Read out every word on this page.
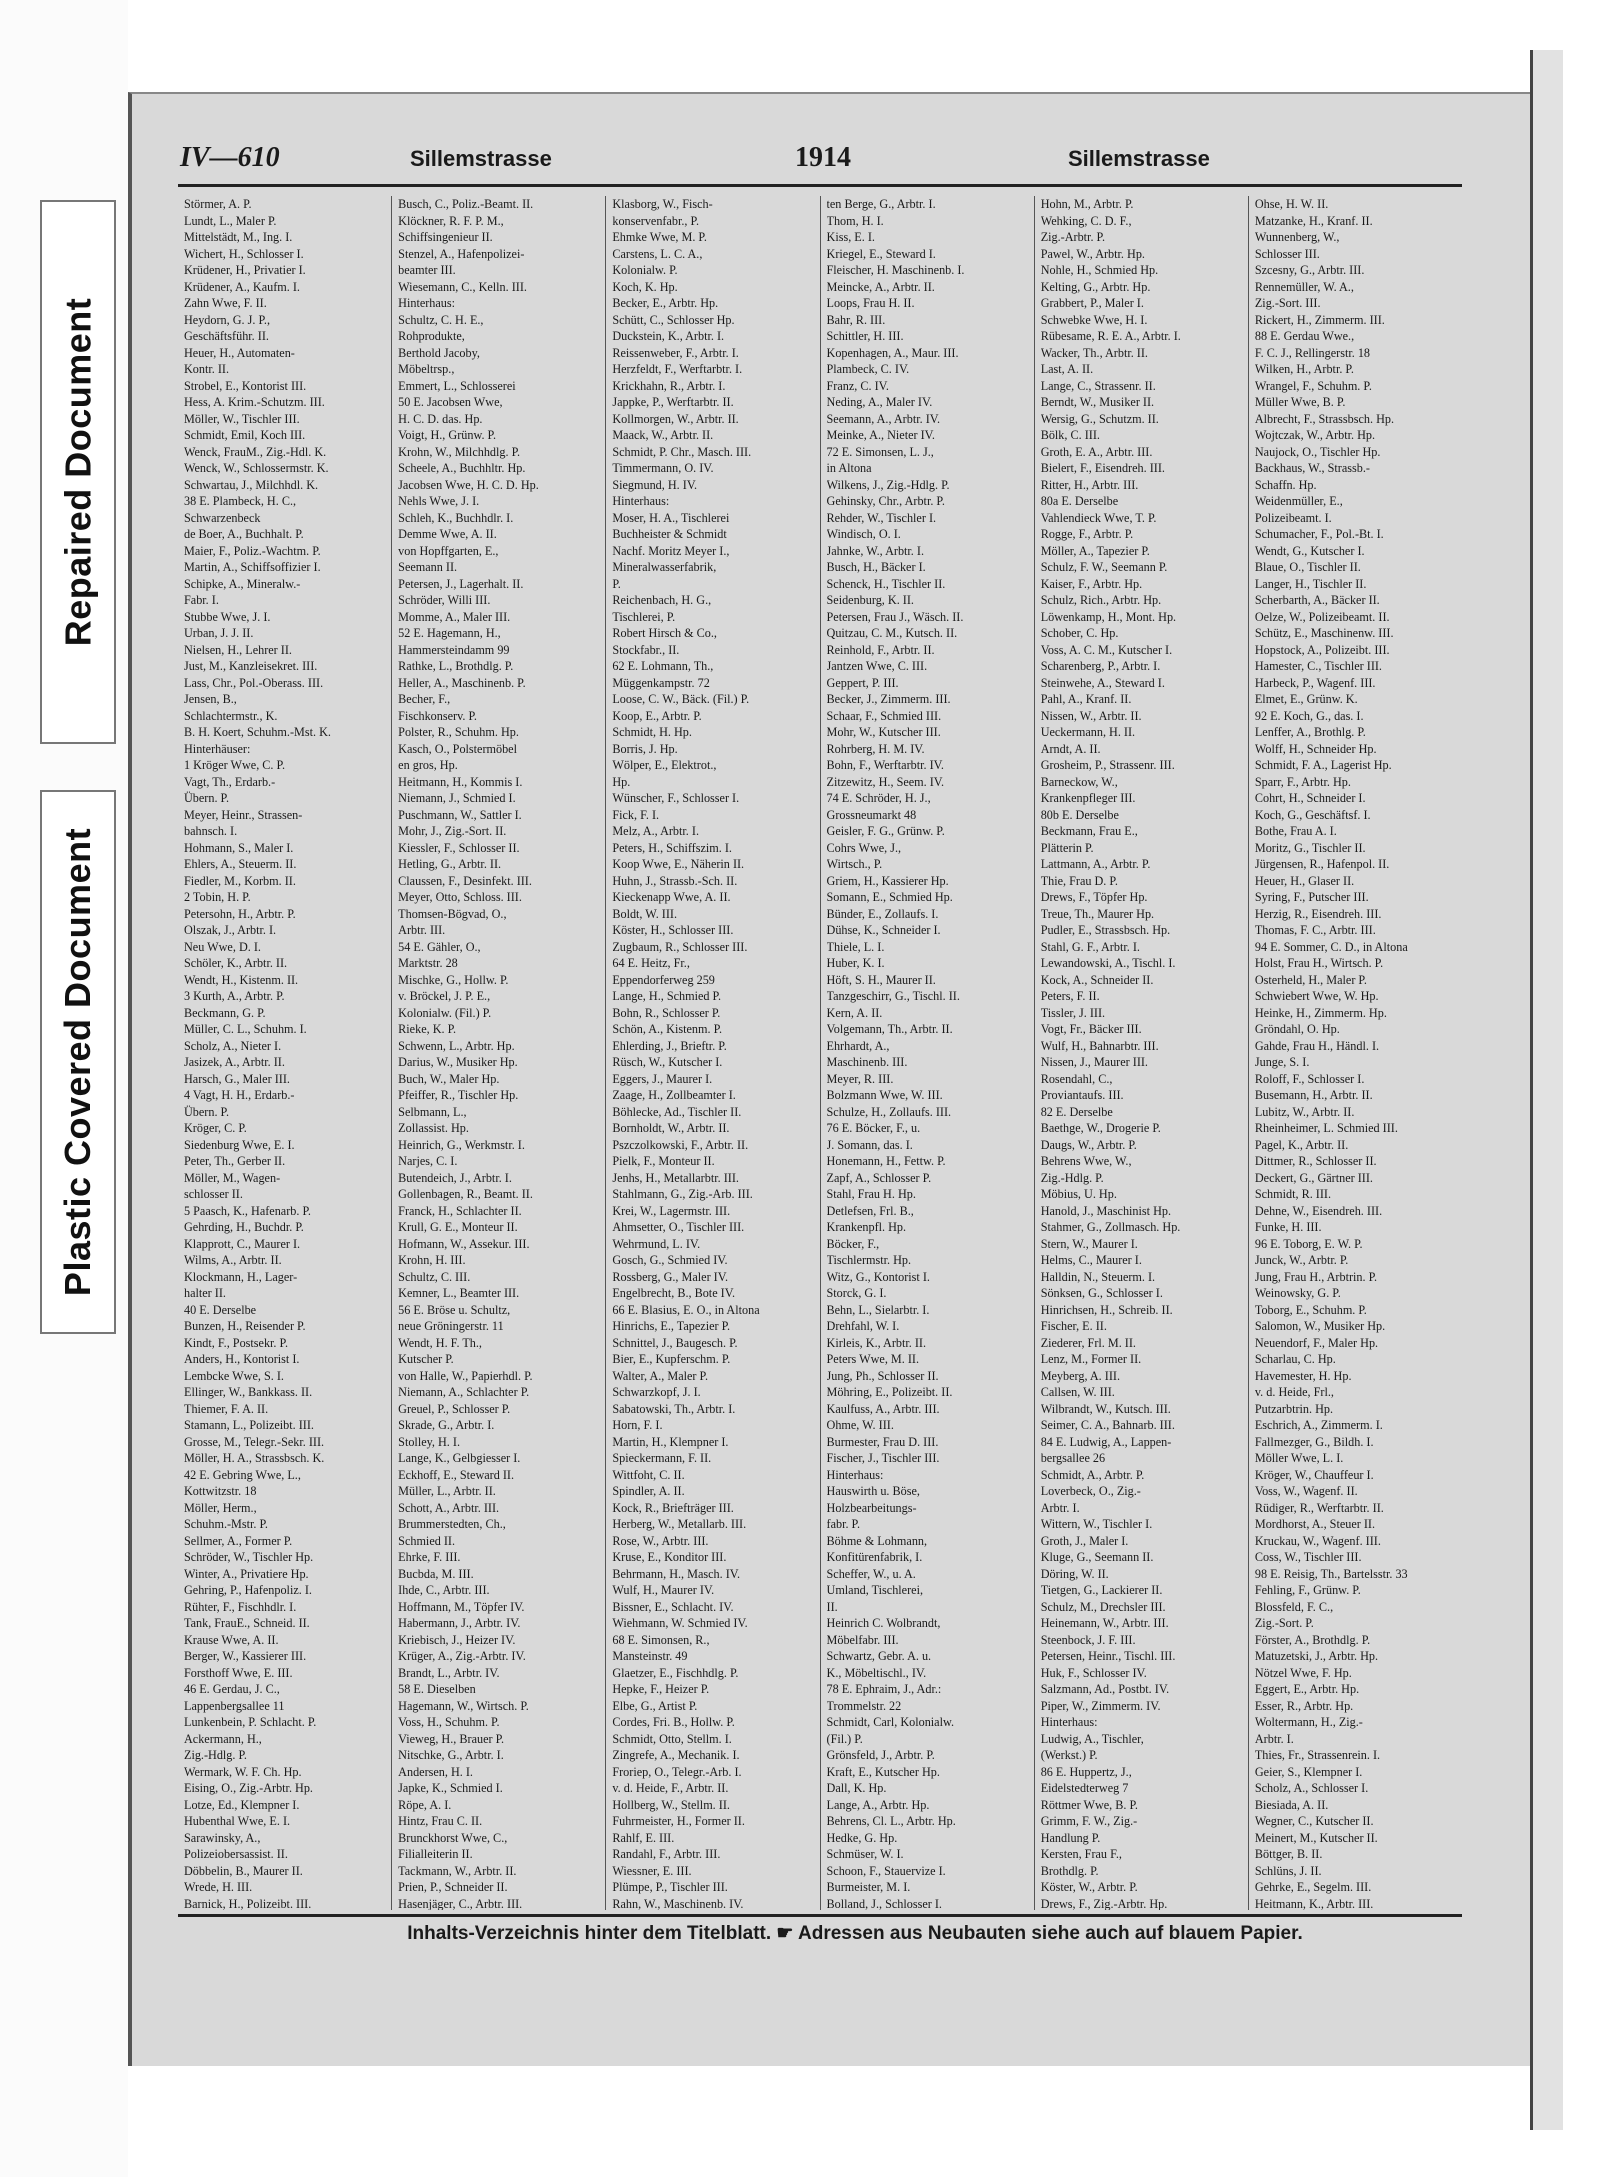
Repaired Document
Plastic Covered Document
IV—610	Sillemstrasse	1914	Sillemstrasse
Störmer, A. P.
Lundt, L., Maler P.
Mittelstädt, M., Ing. I.
Wichert, H., Schlosser I.
Krüdener, H., Privatier I.
Krüdener, A., Kaufm. I.
Zahn Wwe, F. II.
Heydorn, G. J. P.,
Geschäftsführ. II.
Heuer, H., Automaten-
Kontr. II.
Strobel, E., Kontorist III.
Hess, A. Krim.-Schutzm. III.
Möller, W., Tischler III.
Schmidt, Emil, Koch III.
Wenck, FrauM., Zig.-Hdl. K.
Wenck, W., Schlossermstr. K.
Schwartau, J., Milchhdl. K.
38 E. Plambeck, H. C.,
Schwarzenbeck
de Boer, A., Buchhalt. P.
Maier, F., Poliz.-Wachtm. P.
Martin, A., Schiffsoffizier I.
Schipke, A., Mineralw.-
Fabr. I.
Stubbe Wwe, J. I.
Urban, J. J. II.
Nielsen, H., Lehrer II.
Just, M., Kanzleisekret. III.
Lass, Chr., Pol.-Oberass. III.
Jensen, B.,
Schlachtermstr., K.
B. H. Koert, Schuhm.-Mst. K.
Hinterhäuser:
1 Kröger Wwe, C. P.
Vagt, Th., Erdarb.-
Übern. P.
Meyer, Heinr., Strassen-
bahnsch. I.
Hohmann, S., Maler I.
Ehlers, A., Steuerm. II.
Fiedler, M., Korbm. II.
2 Tobin, H. P.
Petersohn, H., Arbtr. P.
Olszak, J., Arbtr. I.
Neu Wwe, D. I.
Schöler, K., Arbtr. II.
Wendt, H., Kistenm. II.
3 Kurth, A., Arbtr. P.
Beckmann, G. P.
Müller, C. L., Schuhm. I.
Scholz, A., Nieter I.
Jasizek, A., Arbtr. II.
Harsch, G., Maler III.
4 Vagt, H. H., Erdarb.-
Übern. P.
Kröger, C. P.
Siedenburg Wwe, E. I.
Peter, Th., Gerber II.
Möller, M., Wagen-
schlosser II.
5 Paasch, K., Hafenarb. P.
Gehrding, H., Buchdr. P.
Klapprott, C., Maurer I.
Wilms, A., Arbtr. II.
Klockmann, H., Lager-
halter II.
40 E. Derselbe
Bunzen, H., Reisender P.
Kindt, F., Postsekr. P.
Anders, H., Kontorist I.
Lembcke Wwe, S. I.
Ellinger, W., Bankkass. II.
Thiemer, F. A. II.
Stamann, L., Polizeibt. III.
Grosse, M., Telegr.-Sekr. III.
Möller, H. A., Strassbsch. K.
42 E. Gebring Wwe, L.,
Kottwitzstr. 18
Möller, Herm.,
Schuhm.-Mstr. P.
Sellmer, A., Former P.
Schröder, W., Tischler Hp.
Winter, A., Privatiere Hp.
Gehring, P., Hafenpoliz. I.
Rühter, F., Fischhdlr. I.
Tank, FrauE., Schneid. II.
Krause Wwe, A. II.
Berger, W., Kassierer III.
Forsthoff Wwe, E. III.
46 E. Gerdau, J. C.,
Lappenbergsallee 11
Lunkenbein, P. Schlacht. P.
Ackermann, H.,
Zig.-Hdlg. P.
Wermark, W. F. Ch. Hp.
Eising, O., Zig.-Arbtr. Hp.
Lotze, Ed., Klempner I.
Hubenthal Wwe, E. I.
Sarawinsky, A.,
Polizeiobersassist. II.
Döbbelin, B., Maurer II.
Wrede, H. III.
Barnick, H., Polizeibt. III.
Busch, C., Poliz.-Beamt. II.
Klöckner, R. F. P. M.,
Schiffsingenieur II.
Stenzel, A., Hafenpolizei-
beamter III.
Wiesemann, C., Kelln. III.
Hinterhaus:
Schultz, C. H. E.,
Rohprodukte,
Berthold Jacoby,
Möbeltrsp.,
Emmert, L., Schlosserei
50 E. Jacobsen Wwe,
H. C. D. das. Hp.
Voigt, H., Grünw. P.
Krohn, W., Milchhdlg. P.
Scheele, A., Buchhltr. Hp.
Jacobsen Wwe, H. C. D. Hp.
Nehls Wwe, J. I.
Schleh, K., Buchhdlr. I.
Demme Wwe, A. II.
von Hopffgarten, E.,
Seemann II.
Petersen, J., Lagerhalt. II.
Schröder, Willi III.
Momme, A., Maler III.
52 E. Hagemann, H.,
Hammersteindamm 99
Rathke, L., Brothdlg. P.
Heller, A., Maschinenb. P.
Becher, F.,
Fischkonserv. P.
Polster, R., Schuhm. Hp.
Kasch, O., Polstermöbel
en gros, Hp.
Heitmann, H., Kommis I.
Niemann, J., Schmied I.
Puschmann, W., Sattler I.
Mohr, J., Zig.-Sort. II.
Kiessler, F., Schlosser II.
Hetling, G., Arbtr. II.
Claussen, F., Desinfekt. III.
Meyer, Otto, Schloss. III.
Thomsen-Bögvad, O.,
Arbtr. III.
54 E. Gähler, O.,
Marktstr. 28
Mischke, G., Hollw. P.
v. Bröckel, J. P. E.,
Kolonialw. (Fil.) P.
Rieke, K. P.
Schwenn, L., Arbtr. Hp.
Darius, W., Musiker Hp.
Buch, W., Maler Hp.
Pfeiffer, R., Tischler Hp.
Selbmann, L.,
Zollassist. Hp.
Heinrich, G., Werkmstr. I.
Narjes, C. I.
Butendeich, J., Arbtr. I.
Gollenbagen, R., Beamt. II.
Franck, H., Schlachter II.
Krull, G. E., Monteur II.
Hofmann, W., Assekur. III.
Krohn, H. III.
Schultz, C. III.
Kemner, L., Beamter III.
56 E. Bröse u. Schultz,
neue Gröningerstr. 11
Wendt, H. F. Th.,
Kutscher P.
von Halle, W., Papierhdl. P.
Niemann, A., Schlachter P.
Greuel, P., Schlosser P.
Skrade, G., Arbtr. I.
Stolley, H. I.
Lange, K., Gelbgiesser I.
Eckhoff, E., Steward II.
Müller, L., Arbtr. II.
Schott, A., Arbtr. III.
Brummerstedten, Ch.,
Schmied II.
Ehrke, F. III.
Bucbda, M. III.
Ihde, C., Arbtr. III.
Hoffmann, M., Töpfer IV.
Habermann, J., Arbtr. IV.
Kriebisch, J., Heizer IV.
Krüger, A., Zig.-Arbtr. IV.
Brandt, L., Arbtr. IV.
58 E. Dieselben
Hagemann, W., Wirtsch. P.
Voss, H., Schuhm. P.
Vieweg, H., Brauer P.
Nitschke, G., Arbtr. I.
Andersen, H. I.
Japke, K., Schmied I.
Röpe, A. I.
Hintz, Frau C. II.
Brunckhorst Wwe, C.,
Filialleiterin II.
Tackmann, W., Arbtr. II.
Prien, P., Schneider II.
Hasenjäger, C., Arbtr. III.
Klasborg, W., Fisch-
konservenfabr., P.
Ehmke Wwe, M. P.
Carstens, L. C. A.,
Kolonialw. P.
Koch, K. Hp.
Becker, E., Arbtr. Hp.
Schütt, C., Schlosser Hp.
Duckstein, K., Arbtr. I.
Reissenweber, F., Arbtr. I.
Herzfeldt, F., Werftarbtr. I.
Krickhahn, R., Arbtr. I.
Jappke, P., Werftarbtr. II.
Kollmorgen, W., Arbtr. II.
Maack, W., Arbtr. II.
Schmidt, P. Chr., Masch. III.
Timmermann, O. IV.
Siegmund, H. IV.
Hinterhaus:
Moser, H. A., Tischlerei
Buchheister & Schmidt
Nachf. Moritz Meyer I.,
Mineralwasserfabrik,
P.
Reichenbach, H. G.,
Tischlerei, P.
Robert Hirsch & Co.,
Stockfabr., II.
62 E. Lohmann, Th.,
Müggenkampstr. 72
Loose, C. W., Bäck. (Fil.) P.
Koop, E., Arbtr. P.
Schmidt, H. Hp.
Borris, J. Hp.
Wölper, E., Elektrot.,
Hp.
Wünscher, F., Schlosser I.
Fick, F. I.
Melz, A., Arbtr. I.
Peters, H., Schiffszim. I.
Koop Wwe, E., Näherin II.
Huhn, J., Strassb.-Sch. II.
Kieckenapp Wwe, A. II.
Boldt, W. III.
Köster, H., Schlosser III.
Zugbaum, R., Schlosser III.
64 E. Heitz, Fr.,
Eppendorferweg 259
Lange, H., Schmied P.
Bohn, R., Schlosser P.
Schön, A., Kistenm. P.
Ehlerding, J., Brieftr. P.
Rüsch, W., Kutscher I.
Eggers, J., Maurer I.
Zaage, H., Zollbeamter I.
Böhlecke, Ad., Tischler II.
Bornholdt, W., Arbtr. II.
Pszczolkowski, F., Arbtr. II.
Pielk, F., Monteur II.
Jenhs, H., Metallarbtr. III.
Stahlmann, G., Zig.-Arb. III.
Krei, W., Lagermstr. III.
Ahmsetter, O., Tischler III.
Wehrmund, L. IV.
Gosch, G., Schmied IV.
Rossberg, G., Maler IV.
Engelbrecht, B., Bote IV.
66 E. Blasius, E. O., in Altona
Hinrichs, E., Tapezier P.
Schnittel, J., Baugesch. P.
Bier, E., Kupferschm. P.
Walter, A., Maler P.
Schwarzkopf, J. I.
Sabatowski, Th., Arbtr. I.
Horn, F. I.
Martin, H., Klempner I.
Spieckermann, F. II.
Wittfoht, C. II.
Spindler, A. II.
Kock, R., Briefträger III.
Herberg, W., Metallarb. III.
Rose, W., Arbtr. III.
Kruse, E., Konditor III.
Behrmann, H., Masch. IV.
Wulf, H., Maurer IV.
Bissner, E., Schlacht. IV.
Wiehmann, W. Schmied IV.
68 E. Simonsen, R.,
Mansteinstr. 49
Glaetzer, E., Fischhdlg. P.
Hepke, F., Heizer P.
Elbe, G., Artist P.
Cordes, Fri. B., Hollw. P.
Schmidt, Otto, Stellm. I.
Zingrefe, A., Mechanik. I.
Froriep, O., Telegr.-Arb. I.
v. d. Heide, F., Arbtr. II.
Hollberg, W., Stellm. II.
Fuhrmeister, H., Former II.
Rahlf, E. III.
Randahl, F., Arbtr. III.
Wiessner, E. III.
Plümpe, P., Tischler III.
Rahn, W., Maschinenb. IV.
ten Berge, G., Arbtr. I.
Thom, H. I.
Kiss, E. I.
Kriegel, E., Steward I.
Fleischer, H. Maschinenb. I.
Meincke, A., Arbtr. II.
Loops, Frau H. II.
Bahr, R. III.
Schittler, H. III.
Kopenhagen, A., Maur. III.
Plambeck, C. IV.
Franz, C. IV.
Neding, A., Maler IV.
Seemann, A., Arbtr. IV.
Meinke, A., Nieter IV.
72 E. Simonsen, L. J.,
in Altona
Wilkens, J., Zig.-Hdlg. P.
Gehinsky, Chr., Arbtr. P.
Rehder, W., Tischler I.
Windisch, O. I.
Jahnke, W., Arbtr. I.
Busch, H., Bäcker I.
Schenck, H., Tischler II.
Seidenburg, K. II.
Petersen, Frau J., Wäsch. II.
Quitzau, C. M., Kutsch. II.
Reinhold, F., Arbtr. II.
Jantzen Wwe, C. III.
Geppert, P. III.
Becker, J., Zimmerm. III.
Schaar, F., Schmied III.
Mohr, W., Kutscher III.
Rohrberg, H. M. IV.
Bohn, F., Werftarbtr. IV.
Zitzewitz, H., Seem. IV.
74 E. Schröder, H. J.,
Grossneumarkt 48
Geisler, F. G., Grünw. P.
Cohrs Wwe, J.,
Wirtsch., P.
Griem, H., Kassierer Hp.
Somann, E., Schmied Hp.
Bünder, E., Zollaufs. I.
Dühse, K., Schneider I.
Thiele, L. I.
Huber, K. I.
Höft, S. H., Maurer II.
Tanzgeschirr, G., Tischl. II.
Kern, A. II.
Volgemann, Th., Arbtr. II.
Ehrhardt, A.,
Maschinenb. III.
Meyer, R. III.
Bolzmann Wwe, W. III.
Schulze, H., Zollaufs. III.
76 E. Böcker, F., u.
J. Somann, das. I.
Honemann, H., Fettw. P.
Zapf, A., Schlosser P.
Stahl, Frau H. Hp.
Detlefsen, Frl. B.,
Krankenpfl. Hp.
Böcker, F.,
Tischlermstr. Hp.
Witz, G., Kontorist I.
Storck, G. I.
Behn, L., Sielarbtr. I.
Drehfahl, W. I.
Kirleis, K., Arbtr. II.
Peters Wwe, M. II.
Jung, Ph., Schlosser II.
Möhring, E., Polizeibt. II.
Kaulfuss, A., Arbtr. III.
Ohme, W. III.
Burmester, Frau D. III.
Fischer, J., Tischler III.
Hinterhaus:
Hauswirth u. Böse,
Holzbearbeitungs-
fabr. P.
Böhme & Lohmann,
Konfitürenfabrik, I.
Scheffer, W., u. A.
Umland, Tischlerei,
II.
Heinrich C. Wolbrandt,
Möbelfabr. III.
Schwartz, Gebr. A. u.
K., Möbeltischl., IV.
78 E. Ephraim, J., Adr.:
Trommelstr. 22
Schmidt, Carl, Kolonialw.
(Fil.) P.
Grönsfeld, J., Arbtr. P.
Kraft, E., Kutscher Hp.
Dall, K. Hp.
Lange, A., Arbtr. Hp.
Behrens, Cl. L., Arbtr. Hp.
Hedke, G. Hp.
Schmüser, W. I.
Schoon, F., Stauervize I.
Burmeister, M. I.
Bolland, J., Schlosser I.
Hohn, M., Arbtr. P.
Wehking, C. D. F.,
Zig.-Arbtr. P.
Pawel, W., Arbtr. Hp.
Nohle, H., Schmied Hp.
Kelting, G., Arbtr. Hp.
Grabbert, P., Maler I.
Schwebke Wwe, H. I.
Rübesame, R. E. A., Arbtr. I.
Wacker, Th., Arbtr. II.
Last, A. II.
Lange, C., Strassenr. II.
Berndt, W., Musiker II.
Wersig, G., Schutzm. II.
Bölk, C. III.
Groth, E. A., Arbtr. III.
Bielert, F., Eisendreh. III.
Ritter, H., Arbtr. III.
80a E. Derselbe
Vahlendieck Wwe, T. P.
Rogge, F., Arbtr. P.
Möller, A., Tapezier P.
Schulz, F. W., Seemann P.
Kaiser, F., Arbtr. Hp.
Schulz, Rich., Arbtr. Hp.
Löwenkamp, H., Mont. Hp.
Schober, C. Hp.
Voss, A. C. M., Kutscher I.
Scharenberg, P., Arbtr. I.
Steinwehe, A., Steward I.
Pahl, A., Kranf. II.
Nissen, W., Arbtr. II.
Ueckermann, H. II.
Arndt, A. II.
Grosheim, P., Strassenr. III.
Barneckow, W.,
Krankenpfleger III.
80b E. Derselbe
Beckmann, Frau E.,
Plätterin P.
Lattmann, A., Arbtr. P.
Thie, Frau D. P.
Drews, F., Töpfer Hp.
Treue, Th., Maurer Hp.
Pudler, E., Strassbsch. Hp.
Stahl, G. F., Arbtr. I.
Lewandowski, A., Tischl. I.
Kock, A., Schneider II.
Peters, F. II.
Tissler, J. III.
Vogt, Fr., Bäcker III.
Wulf, H., Bahnarbtr. III.
Nissen, J., Maurer III.
Rosendahl, C.,
Proviantaufs. III.
82 E. Derselbe
Baethge, W., Drogerie P.
Daugs, W., Arbtr. P.
Behrens Wwe, W.,
Zig.-Hdlg. P.
Möbius, U. Hp.
Hanold, J., Maschinist Hp.
Stahmer, G., Zollmasch. Hp.
Stern, W., Maurer I.
Helms, C., Maurer I.
Halldin, N., Steuerm. I.
Sönksen, G., Schlosser I.
Hinrichsen, H., Schreib. II.
Fischer, E. II.
Ziederer, Frl. M. II.
Lenz, M., Former II.
Meyberg, A. III.
Callsen, W. III.
Wilbrandt, W., Kutsch. III.
Seimer, C. A., Bahnarb. III.
84 E. Ludwig, A., Lappen-
bergsallee 26
Schmidt, A., Arbtr. P.
Loverbeck, O., Zig.-
Arbtr. I.
Wittern, W., Tischler I.
Groth, J., Maler I.
Kluge, G., Seemann II.
Döring, W. II.
Tietgen, G., Lackierer II.
Schulz, M., Drechsler III.
Heinemann, W., Arbtr. III.
Steenbock, J. F. III.
Petersen, Heinr., Tischl. III.
Huk, F., Schlosser IV.
Salzmann, Ad., Postbt. IV.
Piper, W., Zimmerm. IV.
Hinterhaus:
Ludwig, A., Tischler,
(Werkst.) P.
86 E. Huppertz, J.,
Eidelstedterweg 7
Röttmer Wwe, B. P.
Grimm, F. W., Zig.-
Handlung P.
Kersten, Frau F.,
Brothdlg. P.
Köster, W., Arbtr. P.
Drews, F., Zig.-Arbtr. Hp.
Ohse, H. W. II.
Matzanke, H., Kranf. II.
Wunnenberg, W.,
Schlosser III.
Szcesny, G., Arbtr. III.
Rennemüller, W. A.,
Zig.-Sort. III.
Rickert, H., Zimmerm. III.
88 E. Gerdau Wwe.,
F. C. J., Rellingerstr. 18
Wilken, H., Arbtr. P.
Wrangel, F., Schuhm. P.
Müller Wwe, B. P.
Albrecht, F., Strassbsch. Hp.
Wojtczak, W., Arbtr. Hp.
Naujock, O., Tischler Hp.
Backhaus, W., Strassb.-
Schaffn. Hp.
Weidenmüller, E.,
Polizeibeamt. I.
Schumacher, F., Pol.-Bt. I.
Wendt, G., Kutscher I.
Blaue, O., Tischler II.
Langer, H., Tischler II.
Scherbarth, A., Bäcker II.
Oelze, W., Polizeibeamt. II.
Schütz, E., Maschinenw. III.
Hopstock, A., Polizeibt. III.
Hamester, C., Tischler III.
Harbeck, P., Wagenf. III.
Elmet, E., Grünw. K.
92 E. Koch, G., das. I.
Lenffer, A., Brothlg. P.
Wolff, H., Schneider Hp.
Schmidt, F. A., Lagerist Hp.
Sparr, F., Arbtr. Hp.
Cohrt, H., Schneider I.
Koch, G., Geschäftsf. I.
Bothe, Frau A. I.
Moritz, G., Tischler II.
Jürgensen, R., Hafenpol. II.
Heuer, H., Glaser II.
Syring, F., Putscher III.
Herzig, R., Eisendreh. III.
Thomas, F. C., Arbtr. III.
94 E. Sommer, C. D., in Altona
Holst, Frau H., Wirtsch. P.
Osterheld, H., Maler P.
Schwiebert Wwe, W. Hp.
Heinke, H., Zimmerm. Hp.
Gröndahl, O. Hp.
Gahde, Frau H., Händl. I.
Junge, S. I.
Roloff, F., Schlosser I.
Busemann, H., Arbtr. II.
Lubitz, W., Arbtr. II.
Rheinheimer, L. Schmied III.
Pagel, K., Arbtr. II.
Dittmer, R., Schlosser II.
Deckert, G., Gärtner III.
Schmidt, R. III.
Dehne, W., Eisendreh. III.
Funke, H. III.
96 E. Toborg, E. W. P.
Junck, W., Arbtr. P.
Jung, Frau H., Arbtrin. P.
Weinowsky, G. P.
Toborg, E., Schuhm. P.
Salomon, W., Musiker Hp.
Neuendorf, F., Maler Hp.
Scharlau, C. Hp.
Havemester, H. Hp.
v. d. Heide, Frl.,
Putzarbtrin. Hp.
Eschrich, A., Zimmerm. I.
Fallmezger, G., Bildh. I.
Möller Wwe, L. I.
Kröger, W., Chauffeur I.
Voss, W., Wagenf. II.
Rüdiger, R., Werftarbtr. II.
Mordhorst, A., Steuer II.
Kruckau, W., Wagenf. III.
Coss, W., Tischler III.
98 E. Reisig, Th., Bartelsstr. 33
Fehling, F., Grünw. P.
Blossfeld, F. C.,
Zig.-Sort. P.
Förster, A., Brothdlg. P.
Matuzetski, J., Arbtr. Hp.
Nötzel Wwe, F. Hp.
Eggert, E., Arbtr. Hp.
Esser, R., Arbtr. Hp.
Woltermann, H., Zig.-
Arbtr. I.
Thies, Fr., Strassenrein. I.
Geier, S., Klempner I.
Scholz, A., Schlosser I.
Biesiada, A. II.
Wegner, C., Kutscher II.
Meinert, M., Kutscher II.
Böttger, B. II.
Schlüns, J. II.
Gehrke, E., Segelm. III.
Heitmann, K., Arbtr. III.
Inhalts-Verzeichnis hinter dem Titelblatt. ☛ Adressen aus Neubauten siehe auch auf blauem Papier.
